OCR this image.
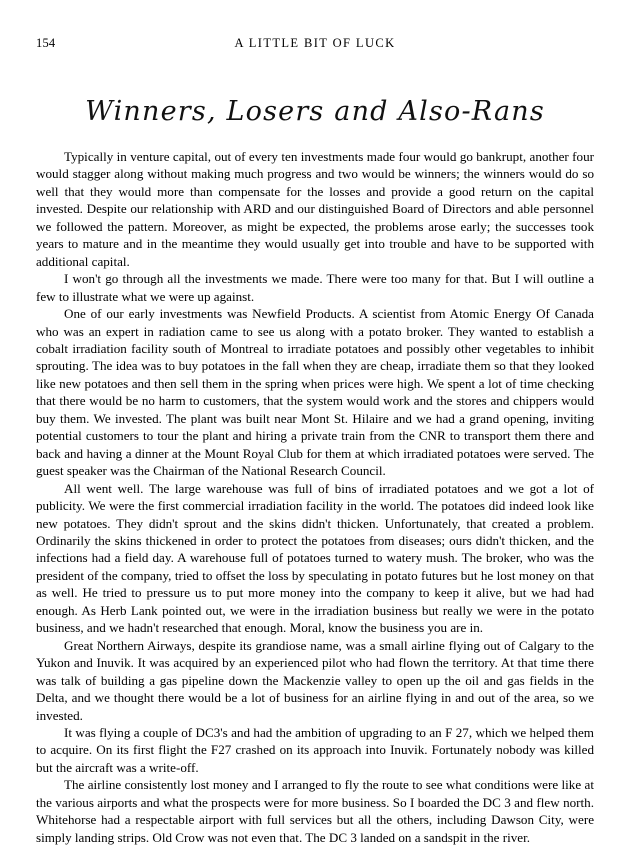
154	A LITTLE BIT OF LUCK
Winners, Losers and Also-Rans

Typically in venture capital, out of every ten investments made four would go bankrupt, another four would stagger along without making much progress and two would be winners; the winners would do so well that they would more than compensate for the losses and provide a good return on the capital invested. Despite our relationship with ARD and our distinguished Board of Directors and able personnel we followed the pattern. Moreover, as might be expected, the problems arose early; the successes took years to mature and in the meantime they would usually get into trouble and have to be supported with additional capital.

I won't go through all the investments we made. There were too many for that. But I will outline a few to illustrate what we were up against.

One of our early investments was Newfield Products. A scientist from Atomic Energy Of Canada who was an expert in radiation came to see us along with a potato broker. They wanted to establish a cobalt irradiation facility south of Montreal to irradiate potatoes and possibly other vegetables to inhibit sprouting. The idea was to buy potatoes in the fall when they are cheap, irradiate them so that they looked like new potatoes and then sell them in the spring when prices were high. We spent a lot of time checking that there would be no harm to customers, that the system would work and the stores and chippers would buy them. We invested. The plant was built near Mont St. Hilaire and we had a grand opening, inviting potential customers to tour the plant and hiring a private train from the CNR to transport them there and back and having a dinner at the Mount Royal Club for them at which irradiated potatoes were served. The guest speaker was the Chairman of the National Research Council.

All went well. The large warehouse was full of bins of irradiated potatoes and we got a lot of publicity. We were the first commercial irradiation facility in the world. The potatoes did indeed look like new potatoes. They didn't sprout and the skins didn't thicken. Unfortunately, that created a problem. Ordinarily the skins thickened in order to protect the potatoes from diseases; ours didn't thicken, and the infections had a field day. A warehouse full of potatoes turned to watery mush. The broker, who was the president of the company, tried to offset the loss by speculating in potato futures but he lost money on that as well. He tried to pressure us to put more money into the company to keep it alive, but we had had enough. As Herb Lank pointed out, we were in the irradiation business but really we were in the potato business, and we hadn't researched that enough. Moral, know the business you are in.

Great Northern Airways, despite its grandiose name, was a small airline flying out of Calgary to the Yukon and Inuvik. It was acquired by an experienced pilot who had flown the territory. At that time there was talk of building a gas pipeline down the Mackenzie valley to open up the oil and gas fields in the Delta, and we thought there would be a lot of business for an airline flying in and out of the area, so we invested.

It was flying a couple of DC3's and had the ambition of upgrading to an F 27, which we helped them to acquire. On its first flight the F27 crashed on its approach into Inuvik. Fortunately nobody was killed but the aircraft was a write-off.

The airline consistently lost money and I arranged to fly the route to see what conditions were like at the various airports and what the prospects were for more business. So I boarded the DC 3 and flew north. Whitehorse had a respectable airport with full services but all the others, including Dawson City, were simply landing strips. Old Crow was not even that. The DC 3 landed on a sandspit in the river.
